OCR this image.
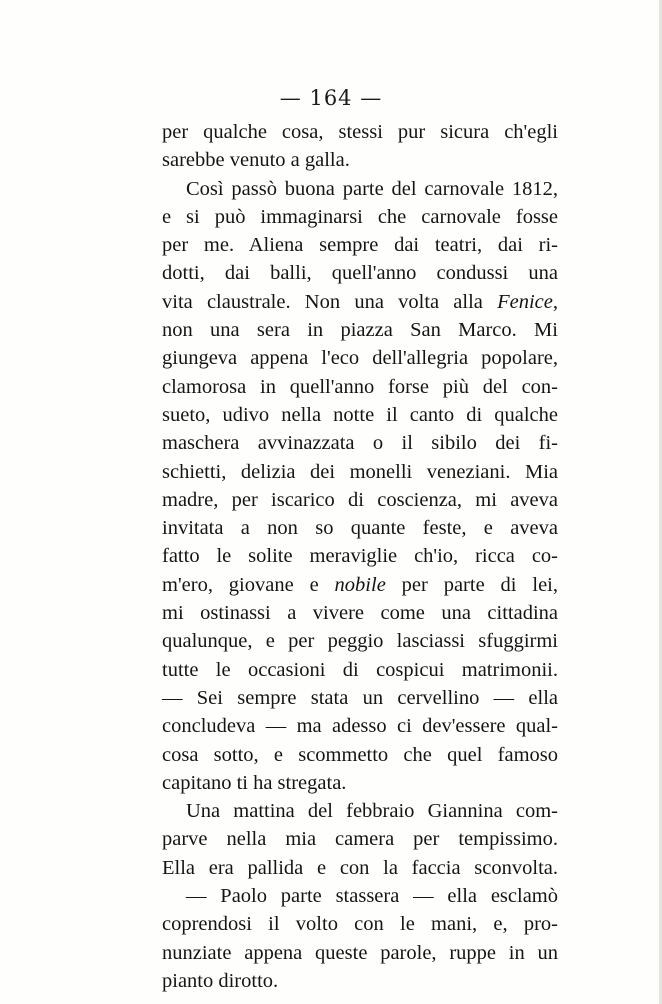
— 164 —
per qualche cosa, stessi pur sicura ch'egli
sarebbe venuto a galla.
Così passò buona parte del carnovale 1812,
e si può immaginarsi che carnovale fosse
per me. Aliena sempre dai teatri, dai ri-
dotti, dai balli, quell'anno condussi una
vita claustrale. Non una volta alla Fenice,
non una sera in piazza San Marco. Mi
giungeva appena l'eco dell'allegria popolare,
clamorosa in quell'anno forse più del con-
sueto, udivo nella notte il canto di qualche
maschera avvinazzata o il sibilo dei fi-
schietti, delizia dei monelli veneziani. Mia
madre, per iscarico di coscienza, mi aveva
invitata a non so quante feste, e aveva
fatto le solite meraviglie ch'io, ricca co-
m'ero, giovane e nobile per parte di lei,
mi ostinassi a vivere come una cittadina
qualunque, e per peggio lasciassi sfuggirmi
tutte le occasioni di cospicui matrimonii.
— Sei sempre stata un cervellino — ella
concludeva — ma adesso ci dev'essere qual-
cosa sotto, e scommetto che quel famoso
capitano ti ha stregata.
Una mattina del febbraio Giannina com-
parve nella mia camera per tempissimo.
Ella era pallida e con la faccia sconvolta.
— Paolo parte stassera — ella esclamò
coprendosi il volto con le mani, e, pro-
nunziate appena queste parole, ruppe in un
pianto dirotto.
